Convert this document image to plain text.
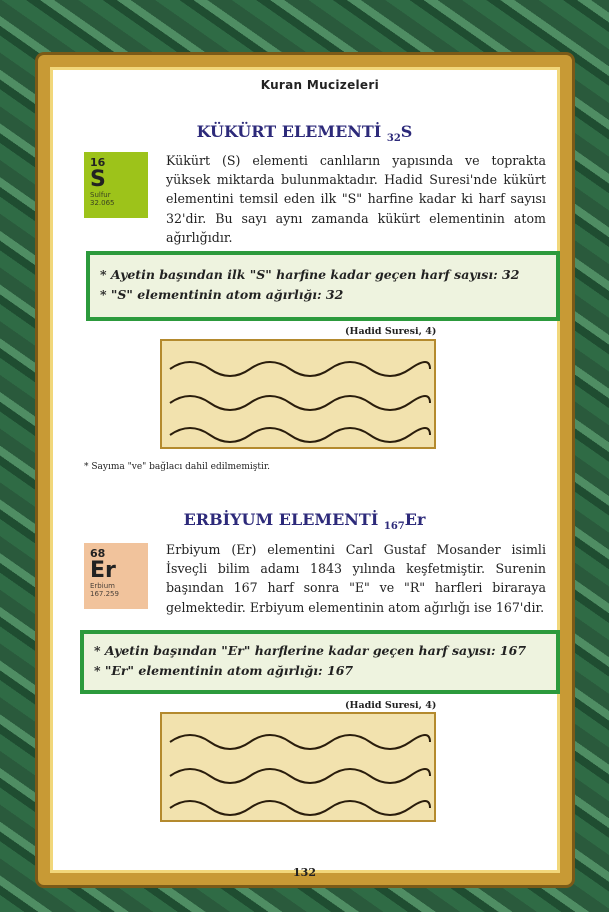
Kuran Mucizeleri
KÜKÜRT ELEMENTİ $_{32}$S
16
S
Sulfur
32.065
Kükürt (S) elementi canlıların yapısında ve toprakta yüksek miktarda bulunmaktadır. Hadid Suresi'nde kükürt elementini temsil eden ilk "S" harfine kadar ki harf sayısı 32'dir. Bu sayı aynı zamanda kükürt elementinin atom ağırlığıdır.
* Ayetin başından ilk "S" harfine kadar geçen harf sayısı: 32
* "S" elementinin atom ağırlığı: 32
(Hadid Suresi, 4)
* Sayıma "ve" bağlacı dahil edilmemiştir.
ERBİYUM ELEMENTİ $_{167}$Er
68
Er
Erbium
167.259
Erbiyum (Er) elementini Carl Gustaf Mosander isimli İsveçli bilim adamı 1843 yılında keşfetmiştir. Surenin başından 167 harf sonra "E" ve "R" harfleri biraraya gelmektedir. Erbiyum elementinin atom ağırlığı ise 167'dir.
* Ayetin başından "Er" harflerine kadar geçen harf sayısı: 167
* "Er" elementinin atom ağırlığı: 167
(Hadid Suresi, 4)
132
